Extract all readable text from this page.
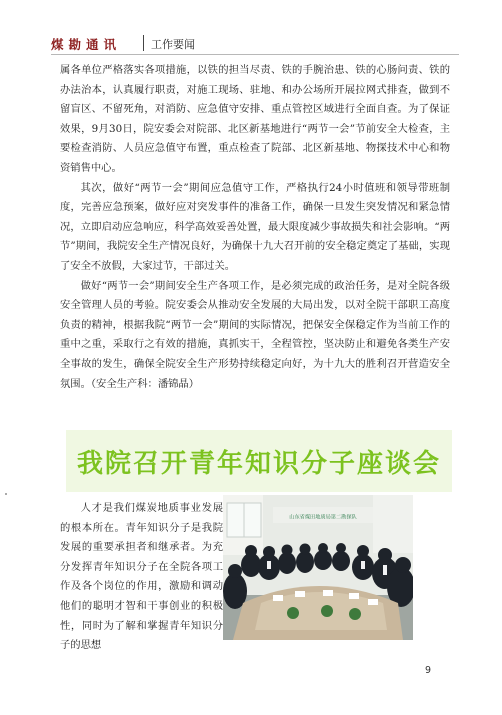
煤勘通讯	工作要闻

属各单位严格落实各项措施，以铁的担当尽责、铁的手腕治患、铁的心肠问责、铁的办法治本，认真履行职责，对施工现场、驻地、和办公场所开展拉网式排查，做到不留盲区、不留死角，对消防、应急值守安排、重点管控区域进行全面自查。为了保证效果，9月30日，院安委会对院部、北区新基地进行“两节一会”节前安全大检查，主要检查消防、人员应急值守布置，重点检查了院部、北区新基地、物探技术中心和物资销售中心。

其次，做好“两节一会”期间应急值守工作，严格执行24小时值班和领导带班制度，完善应急预案，做好应对突发事件的准备工作，确保一旦发生突发情况和紧急情况，立即启动应急响应，科学高效妥善处置，最大限度减少事故损失和社会影响。“两节”期间，我院安全生产情况良好，为确保十九大召开前的安全稳定奠定了基础，实现了安全不放假，大家过节，干部过关。

做好“两节一会”期间安全生产各项工作，是必须完成的政治任务，是对全院各级安全管理人员的考验。院安委会从推动安全发展的大局出发，以对全院干部职工高度负责的精神，根据我院“两节一会”期间的实际情况，把保安全保稳定作为当前工作的重中之重，采取行之有效的措施，真抓实干，全程管控，坚决防止和避免各类生产安全事故的发生，确保全院安全生产形势持续稳定向好，为十九大的胜利召开营造安全氛围。（安全生产科：潘锦晶）

我院召开青年知识分子座谈会

人才是我们煤炭地质事业发展的根本所在。青年知识分子是我院发展的重要承担者和继承者。为充分发挥青年知识分子在全院各项工作及各个岗位的作用，激励和调动他们的聪明才智和干事创业的积极性，同时为了解和掌握青年知识分子的思想

山东省煤田地质局第二勘探队
9
